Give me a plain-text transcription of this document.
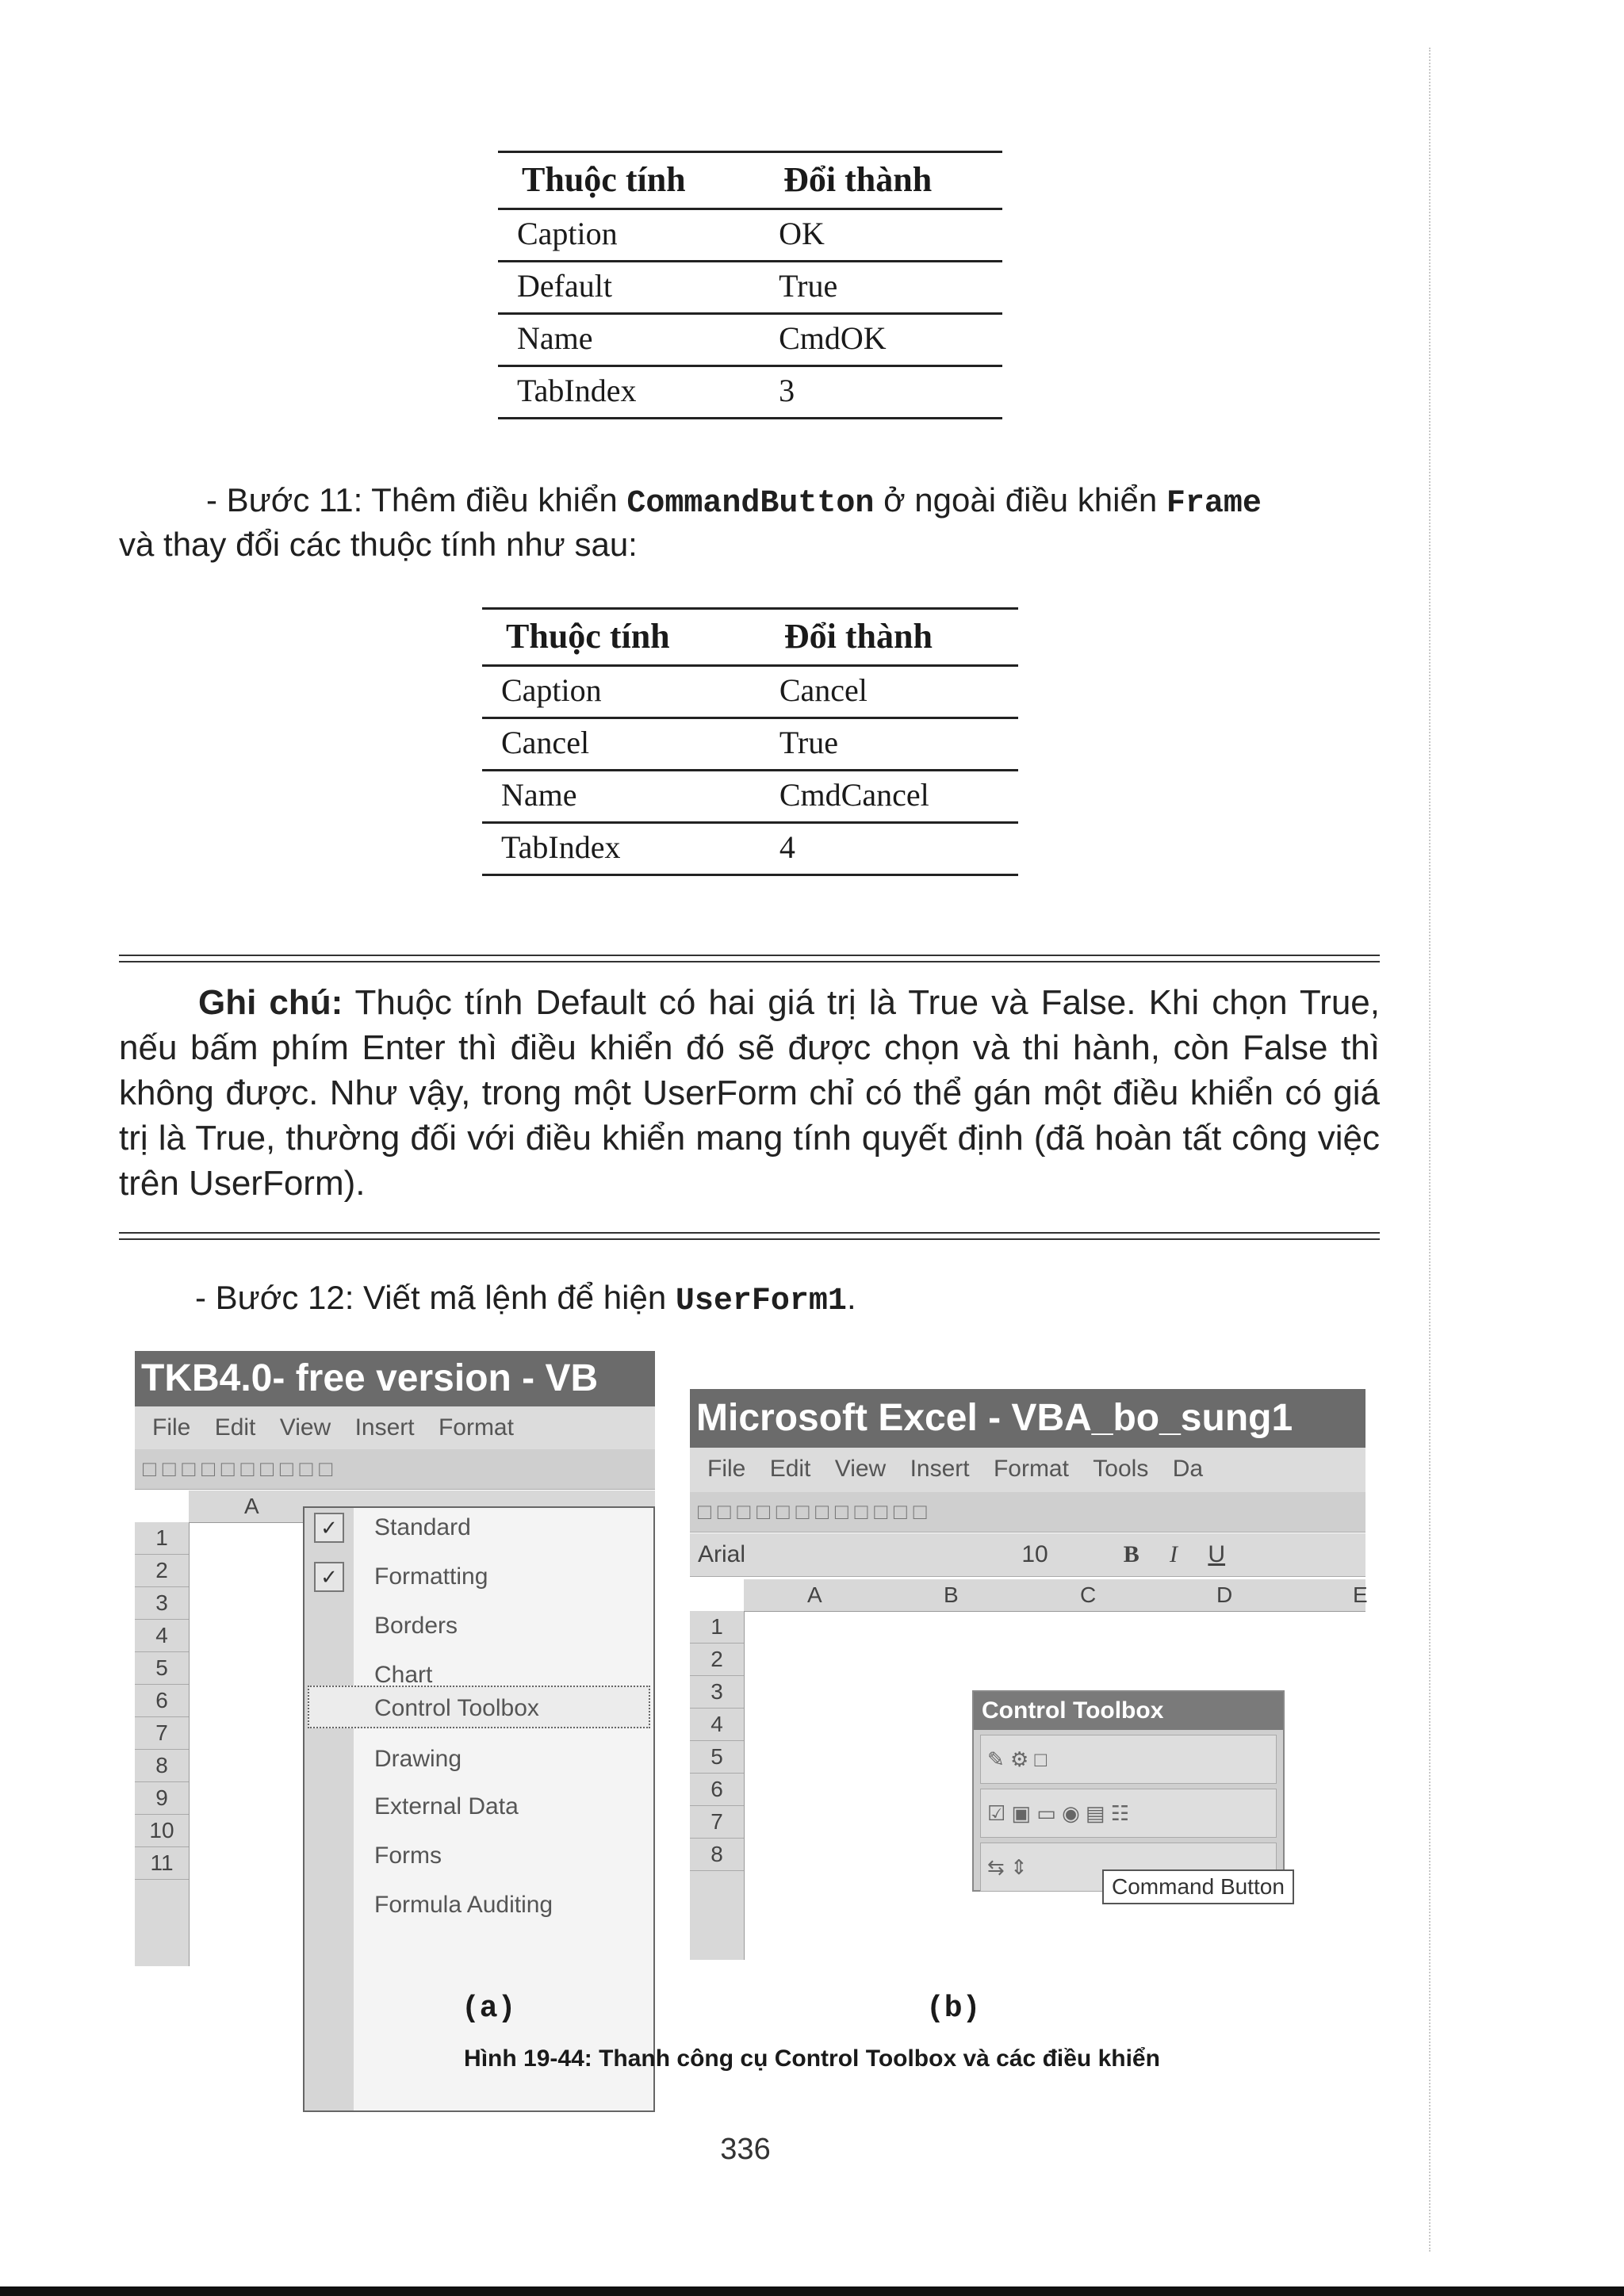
Thuộc tính	Đổi thành
Caption	OK
Default	True
Name	CmdOK
TabIndex	3
- Bước 11: Thêm điều khiển CommandButton ở ngoài điều khiển Frame
và thay đổi các thuộc tính như sau:
Thuộc tính	Đổi thành
Caption	Cancel
Cancel	True
Name	CmdCancel
TabIndex	4
Ghi chú: Thuộc tính Default có hai giá trị là True và False. Khi chọn True, nếu bấm phím Enter thì điều khiển đó sẽ được chọn và thi hành, còn False thì không được. Như vậy, trong một UserForm chỉ có thể gán một điều khiển có giá trị là True, thường đối với điều khiển mang tính quyết định (đã hoàn tất công việc trên UserForm).
- Bước 12: Viết mã lệnh để hiện UserForm1.
TKB4.0- free version - VB
File Edit View Insert Format
□ □ □ □ □ □ □ □ □ □
A
1
2
3
4
5
6
7
8
9
10
11
✓
✓
Standard
Formatting
Borders
Chart
Control Toolbox
Drawing
External Data
Forms
Formula Auditing
Microsoft Excel - VBA_bo_sung1
File Edit View Insert Format Tools Da
□ □ □ □ □ □ □ □ □ □ □ □
Arial	10	B I U
A	B	C	D	E
1
2
3
4
5
6
7
8
Control Toolbox
✎ ⚙ □
☑ ▣ ▭ ◉ ▤ ☷
⇆ ⇕
Command Button
(a)	(b)
Hình 19-44: Thanh công cụ Control Toolbox và các điều khiển
336
